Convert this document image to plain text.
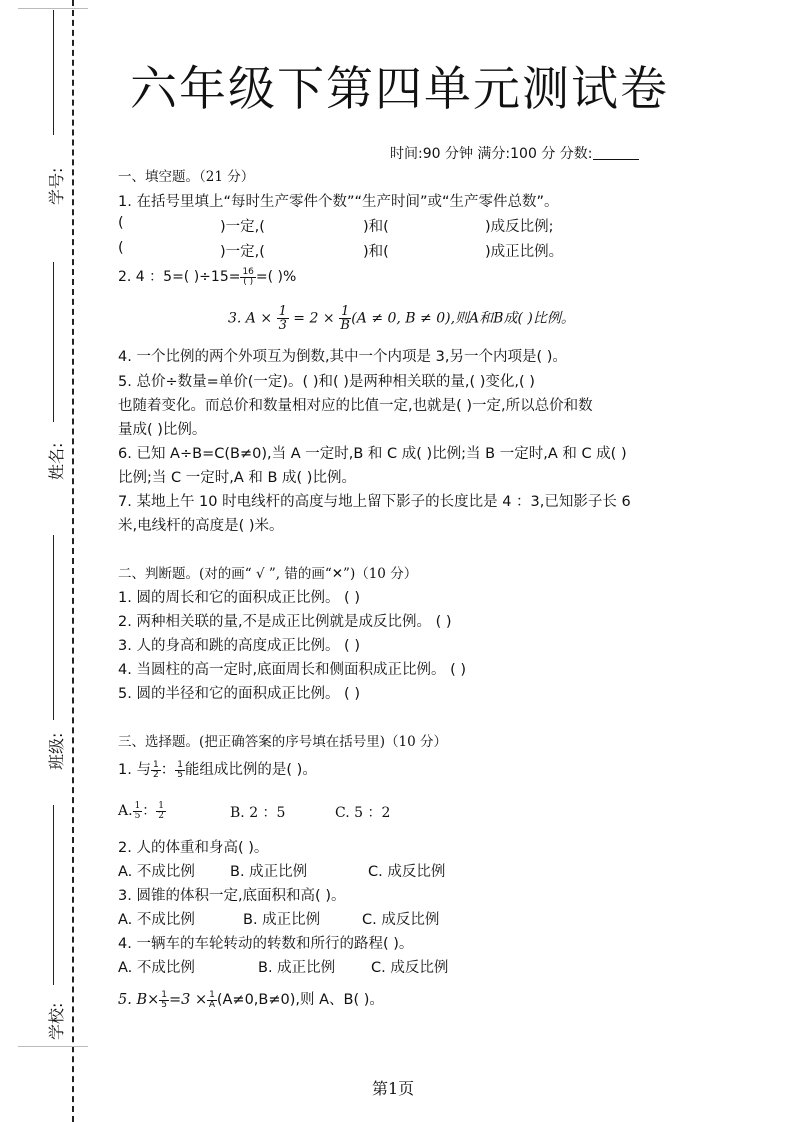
学号:
姓名:
班级:
学校:
六年级下第四单元测试卷
时间:90 分钟 满分:100 分 分数:
一、填空题。（21 分）
1. 在括号里填上“每时生产零件个数”“生产时间”或“生产零件总数”。
(	)一定,(	)和(	)成反比例;
(	)一定,(	)和(	)成正比例。
2. 4 ：5=( )$\div 15= \frac{16}{( )}$ =( )%
3. $A \times \frac{1}{3} = 2 \times \frac{1}{B} (A \ne 0$, B ≠ 0),则A和B成( )比例。
4. 一个比例的两个外项互为倒数,其中一个内项是 3,另一个内项是( )。
5. 总价÷数量=单价(一定)。( )和( )是两种相关联的量,( )变化,( )
也随着变化。而总价和数量相对应的比值一定,也就是( )一定,所以总价和数
量成( )比例。
6. 已知 A÷B=C(B≠0),当 A 一定时,B 和 C 成( )比例;当 B 一定时,A 和 C 成( )
比例;当 C 一定时,A 和 B 成( )比例。
7. 某地上午 10 时电线杆的高度与地上留下影子的长度比是 4 ：3,已知影子长 6
米,电线杆的高度是( )米。
二、判断题。(对的画“ √ ”, 错的画“✕”)（10 分）
1. 圆的周长和它的面积成正比例。 ( )
2. 两种相关联的量,不是成正比例就是成反比例。 ( )
3. 人的身高和跳的高度成正比例。 ( )
4. 当圆柱的高一定时,底面周长和侧面积成正比例。 ( )
5. 圆的半径和它的面积成正比例。 ( )
三、选择题。(把正确答案的序号填在括号里)（10 分）
1. 与 $\frac{1}{2}$ ： $\frac{1}{5}$ 能组成比例的是( )。
A. $\frac{1}{5}$ ： $\frac{1}{2}$	B. 2 ：5	C. 5 ：2
2. 人的体重和身高( )。
A. 不成比例 B. 成正比例	C. 成反比例
3. 圆锥的体积一定,底面积和高( )。
A. 不成比例	B. 成正比例	C. 成反比例
4. 一辆车的车轮转动的转数和所行的路程( )。
A. 不成比例	B. 成正比例 C. 成反比例
5. $B\times \frac{1}{5} =3 \times \frac{1}{A} (A\ne 0,B\ne 0)$,则 A、B( )。
第1页
